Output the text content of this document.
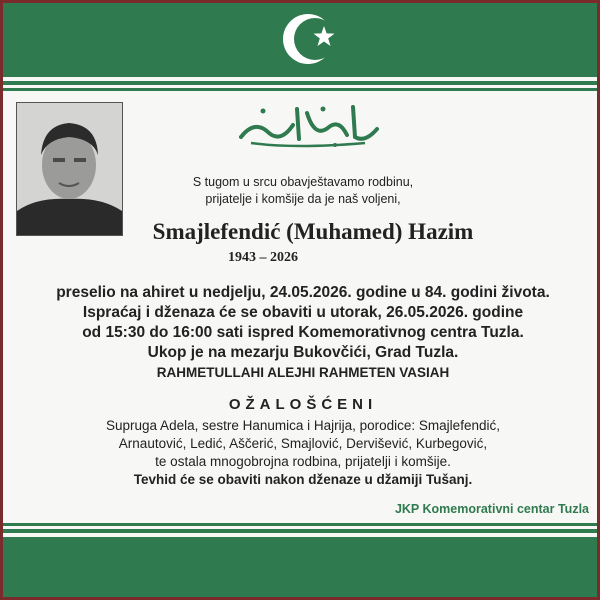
S tugom u srcu obavještavamo rodbinu,
prijatelje i komšije da je naš voljeni,
Smajlefendić (Muhamed) Hazim
1943 – 2026
preselio na ahiret u nedjelju, 24.05.2026. godine u 84. godini života.
Ispraćaj i dženaza će se obaviti u utorak, 26.05.2026. godine
od 15:30 do 16:00 sati ispred Komemorativnog centra Tuzla.
Ukop je na mezarju Bukovčići, Grad Tuzla.
RAHMETULLAHI ALEJHI RAHMETEN VASIAH
OŽALOŠĆENI
Supruga Adela, sestre Hanumica i Hajrija, porodice: Smajlefendić,
Arnautović, Ledić, Aščerić, Smajlović, Dervišević, Kurbegović,
te ostala mnogobrojna rodbina, prijatelji i komšije.
Tevhid će se obaviti nakon dženaze u džamiji Tušanj.
JKP Komemorativni centar Tuzla
